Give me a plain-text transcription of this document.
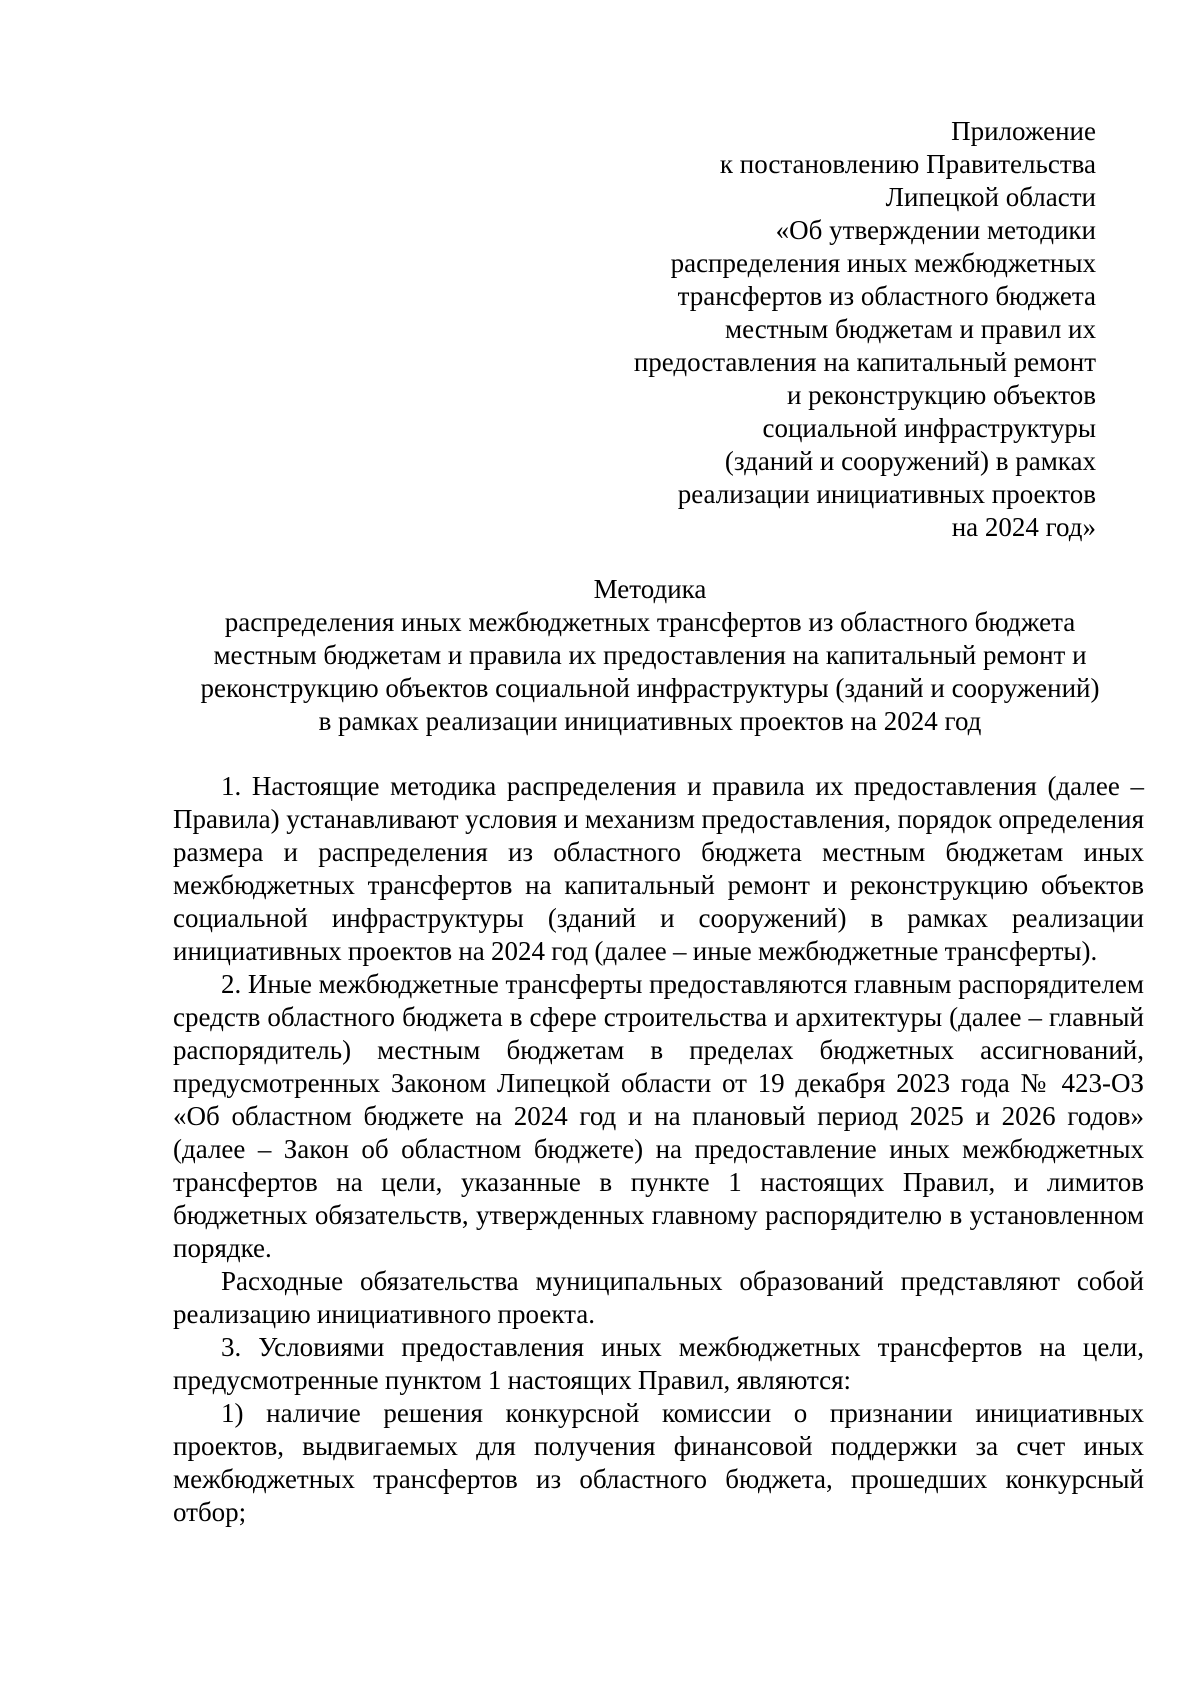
Приложение
к постановлению Правительства
Липецкой области
«Об утверждении методики
распределения иных межбюджетных
трансфертов из областного бюджета
местным бюджетам и правил их
предоставления на капитальный ремонт
и реконструкцию объектов
социальной инфраструктуры
(зданий и сооружений) в рамках
реализации инициативных проектов
на 2024 год»
Методика
распределения иных межбюджетных трансфертов из областного бюджета
местным бюджетам и правила их предоставления на капитальный ремонт и
реконструкцию объектов социальной инфраструктуры (зданий и сооружений)
в рамках реализации инициативных проектов на 2024 год

1. Настоящие методика распределения и правила их предоставления (далее – Правила) устанавливают условия и механизм предоставления, порядок определения размера и распределения из областного бюджета местным бюджетам иных межбюджетных трансфертов на капитальный ремонт и реконструкцию объектов социальной инфраструктуры (зданий и сооружений) в рамках реализации инициативных проектов на 2024 год (далее – иные межбюджетные трансферты).

2. Иные межбюджетные трансферты предоставляются главным распорядителем средств областного бюджета в сфере строительства и архитектуры (далее – главный распорядитель) местным бюджетам в пределах бюджетных ассигнований, предусмотренных Законом Липецкой области от 19 декабря 2023 года № 423-ОЗ «Об областном бюджете на 2024 год и на плановый период 2025 и 2026 годов» (далее – Закон об областном бюджете) на предоставление иных межбюджетных трансфертов на цели, указанные в пункте 1 настоящих Правил, и лимитов бюджетных обязательств, утвержденных главному распорядителю в установленном порядке.

Расходные обязательства муниципальных образований представляют собой реализацию инициативного проекта.

3. Условиями предоставления иных межбюджетных трансфертов на цели, предусмотренные пунктом 1 настоящих Правил, являются:

1) наличие решения конкурсной комиссии о признании инициативных проектов, выдвигаемых для получения финансовой поддержки за счет иных межбюджетных трансфертов из областного бюджета, прошедших конкурсный отбор;
